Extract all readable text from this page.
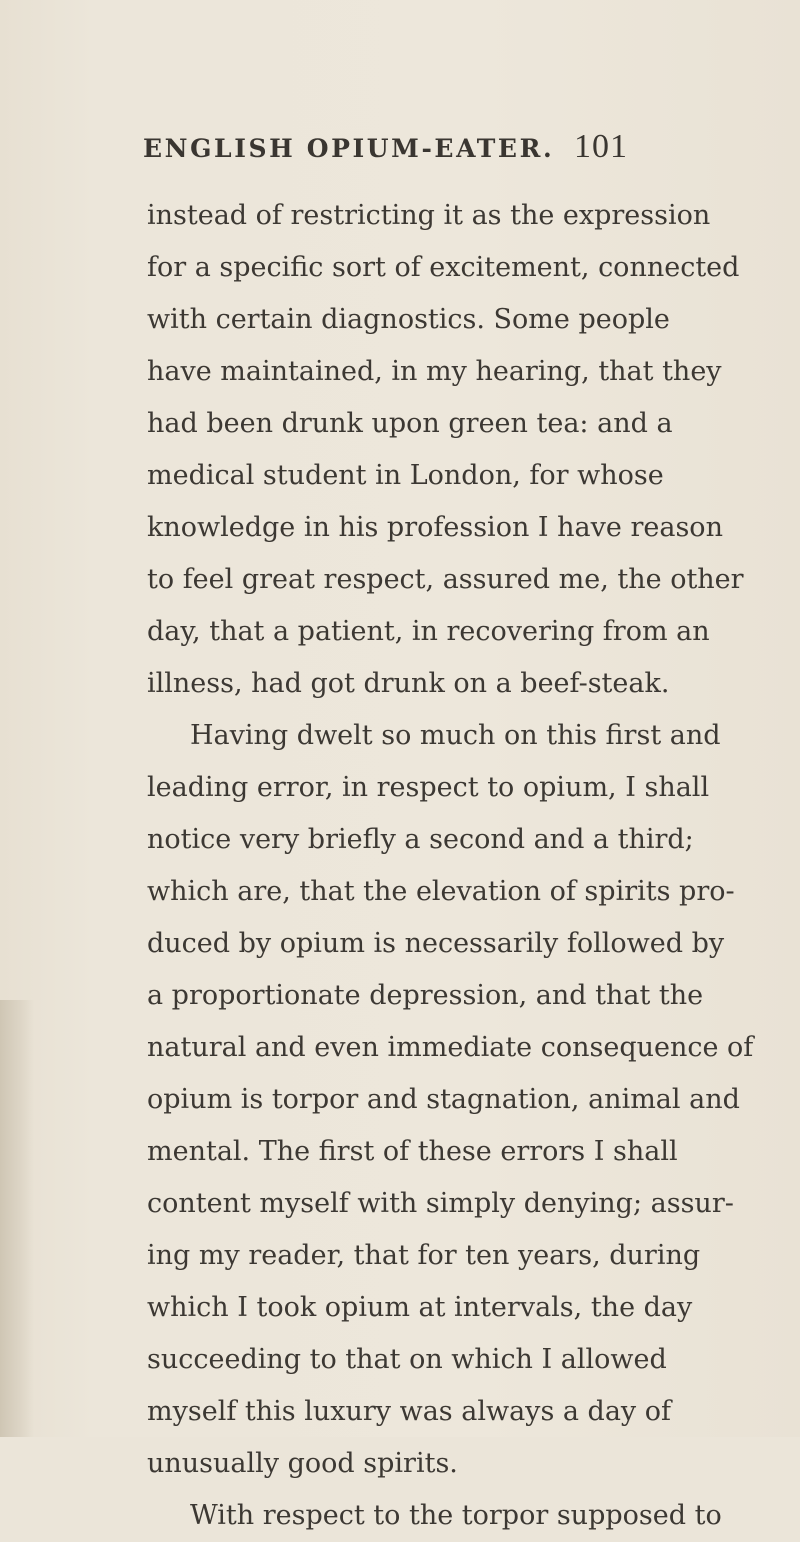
ENGLISH OPIUM-EATER. 101
instead of restricting it as the expression
for a specific sort of excitement, connected
with certain diagnostics. Some people
have maintained, in my hearing, that they
had been drunk upon green tea: and a
medical student in London, for whose
knowledge in his profession I have reason
to feel great respect, assured me, the other
day, that a patient, in recovering from an
illness, had got drunk on a beef-steak.
Having dwelt so much on this first and
leading error, in respect to opium, I shall
notice very briefly a second and a third;
which are, that the elevation of spirits pro-
duced by opium is necessarily followed by
a proportionate depression, and that the
natural and even immediate consequence of
opium is torpor and stagnation, animal and
mental. The first of these errors I shall
content myself with simply denying; assur-
ing my reader, that for ten years, during
which I took opium at intervals, the day
succeeding to that on which I allowed
myself this luxury was always a day of
unusually good spirits.
With respect to the torpor supposed to
